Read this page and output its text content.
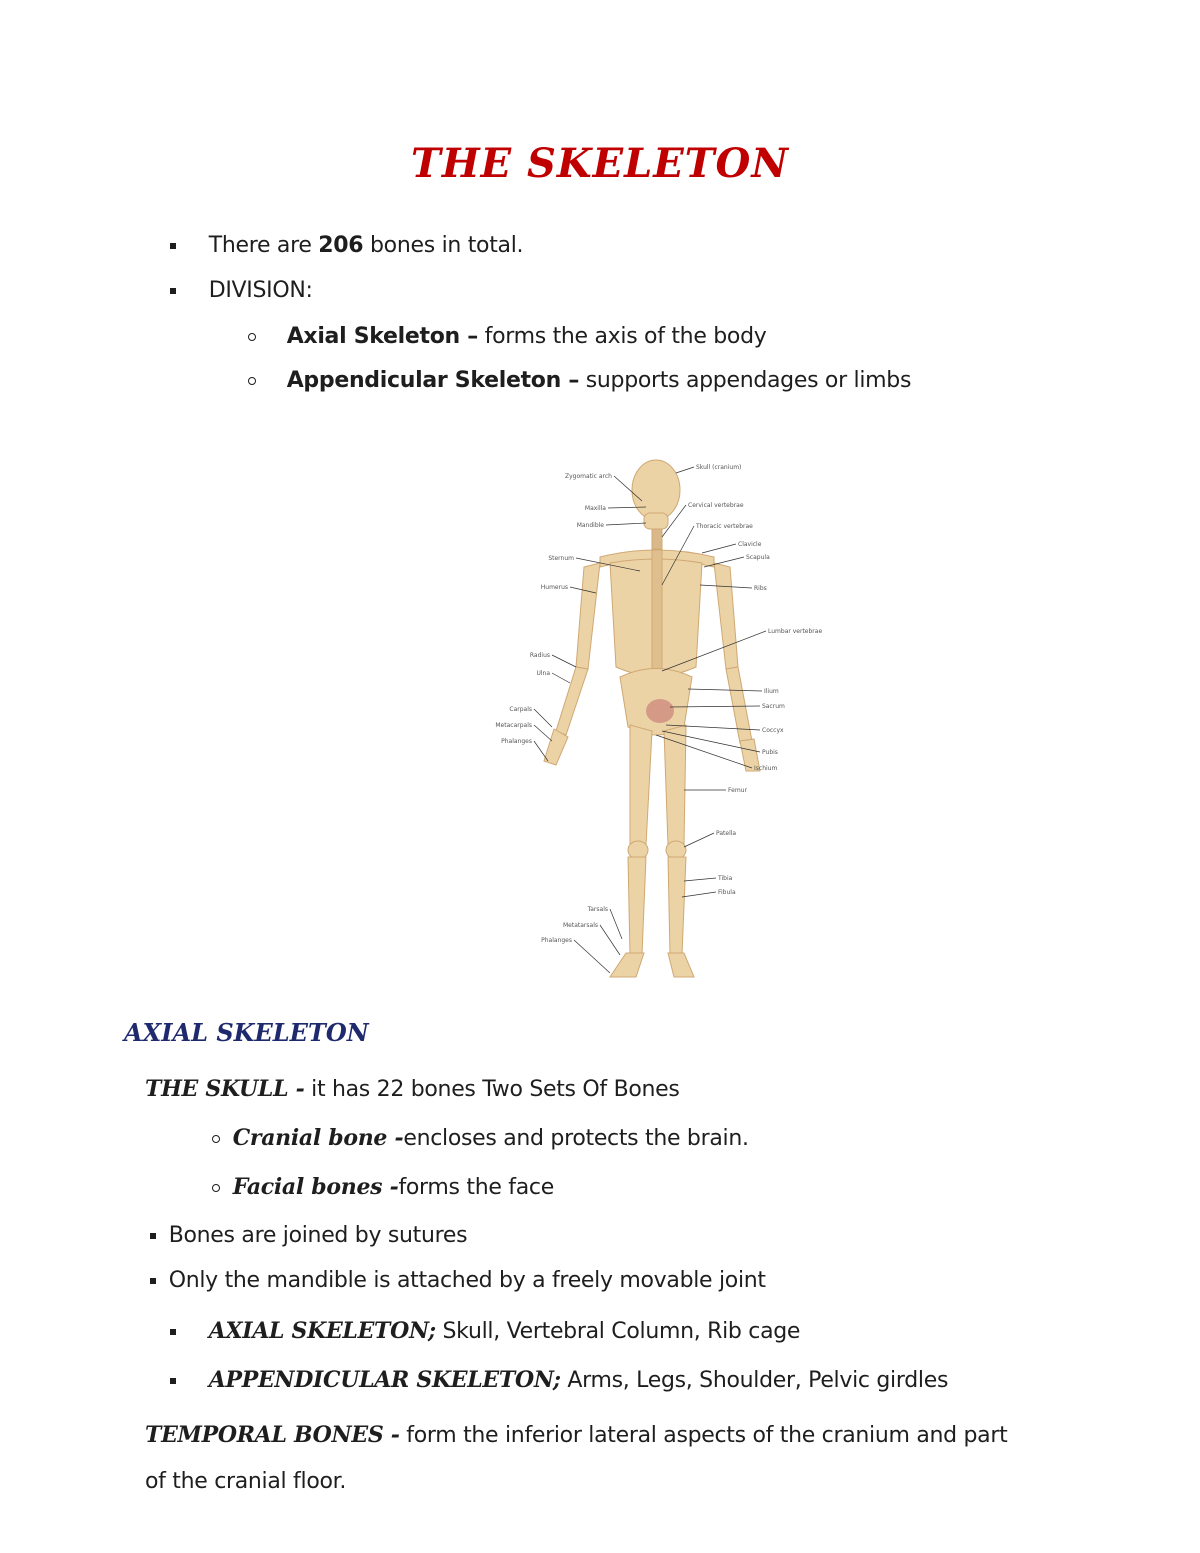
THE SKELETON
There are 206 bones in total.
DIVISION:
Axial Skeleton – forms the axis of the body
Appendicular Skeleton – supports appendages or limbs
Zygomatic arch
Maxilla
Mandible
Sternum
Humerus
Radius
Ulna
Carpals
Metacarpals
Phalanges
Tarsals
Metatarsals
Phalanges
Skull (cranium)
Cervical vertebrae
Thoracic vertebrae
Clavicle
Scapula
Ribs
Lumbar vertebrae
Ilium
Sacrum
Coccyx
Pubis
Ischium
Femur
Patella
Tibia
Fibula
AXIAL SKELETON
THE SKULL - it has 22 bones Two Sets Of Bones
Cranial bone -encloses and protects the brain.
Facial bones -forms the face
Bones are joined by sutures
Only the mandible is attached by a freely movable joint
AXIAL SKELETON; Skull, Vertebral Column, Rib cage
APPENDICULAR SKELETON; Arms, Legs, Shoulder, Pelvic girdles
TEMPORAL BONES - form the inferior lateral aspects of the cranium and part
of the cranial floor.
